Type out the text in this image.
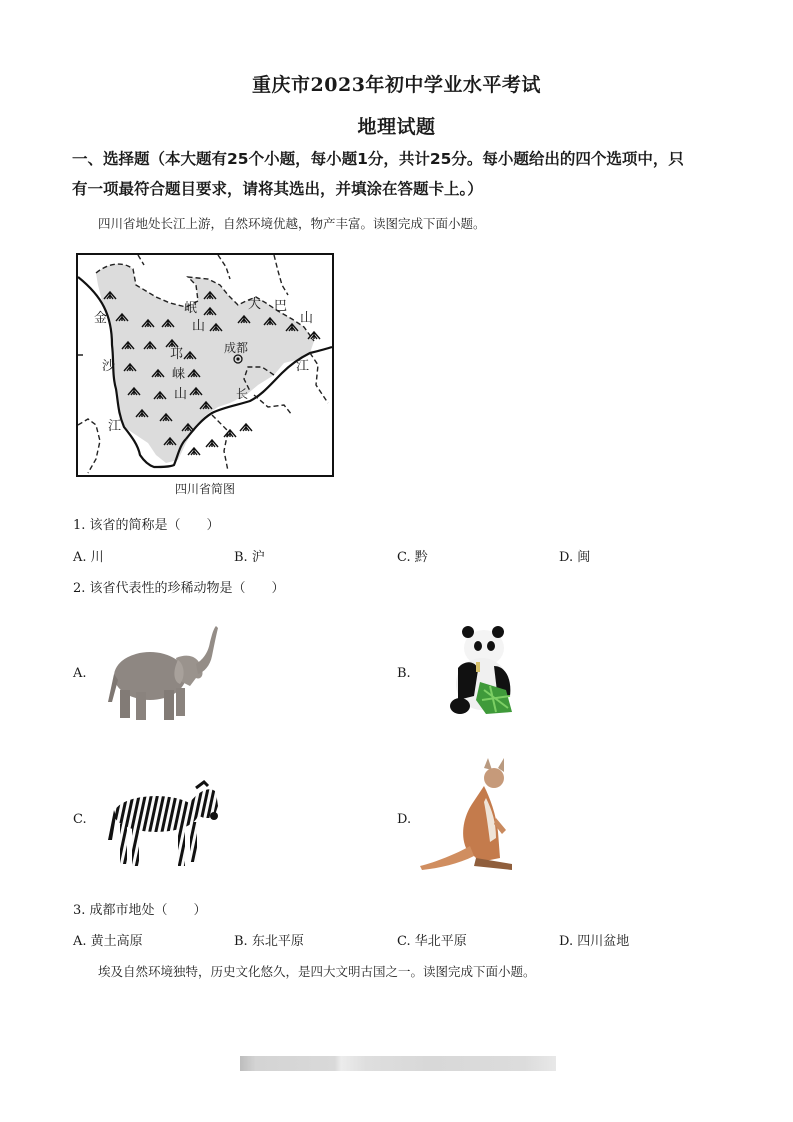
重庆市2023年初中学业水平考试
地理试题
一、选择题（本大题有25个小题，每小题1分，共计25分。每小题给出的四个选项中，只
有一项最符合题目要求，请将其选出，并填涂在答题卡上。）
四川省地处长江上游，自然环境优越，物产丰富。读图完成下面小题。
金
沙
江
岷
山
邛
崃
山
大 巴
山
成都
长
江
四川省简图
1. 该省的简称是（　　）
A. 川	B. 沪	C. 黔	D. 闽
2. 该省代表性的珍稀动物是（　　）
A.	B.
C.	D.
3. 成都市地处（　　）
A. 黄土高原	B. 东北平原	C. 华北平原	D. 四川盆地
埃及自然环境独特，历史文化悠久，是四大文明古国之一。读图完成下面小题。
